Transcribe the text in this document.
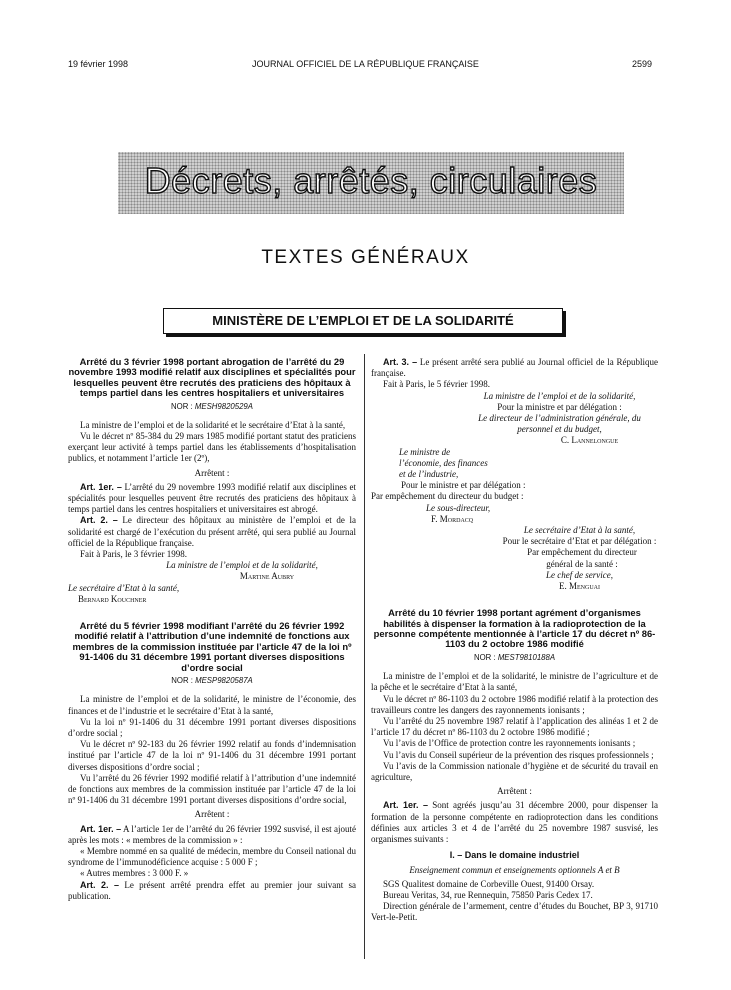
19 février 1998	JOURNAL OFFICIEL DE LA RÉPUBLIQUE FRANÇAISE	2599
Décrets, arrêtés, circulaires
TEXTES GÉNÉRAUX
MINISTÈRE DE L’EMPLOI ET DE LA SOLIDARITÉ
Arrêté du 3 février 1998 portant abrogation de l’arrêté du 29 novembre 1993 modifié relatif aux disciplines et spécialités pour lesquelles peuvent être recrutés des praticiens des hôpitaux à temps partiel dans les centres hospitaliers et universitaires
NOR : MESH9820529A

La ministre de l’emploi et de la solidarité et le secrétaire d’Etat à la santé,

Vu le décret nº 85-384 du 29 mars 1985 modifié portant statut des praticiens exerçant leur activité à temps partiel dans les établissements d’hospitalisation publics, et notamment l’article 1er (2º),

Arrêtent :

Art. 1er. – L’arrêté du 29 novembre 1993 modifié relatif aux disciplines et spécialités pour lesquelles peuvent être recrutés des praticiens des hôpitaux à temps partiel dans les centres hospitaliers et universitaires est abrogé.

Art. 2. – Le directeur des hôpitaux au ministère de l’emploi et de la solidarité est chargé de l’exécution du présent arrêté, qui sera publié au Journal officiel de la République française.

Fait à Paris, le 3 février 1998.

La ministre de l’emploi et de la solidarité,

Martine Aubry

Le secrétaire d’Etat à la santé,

Bernard Kouchner

Arrêté du 5 février 1998 modifiant l’arrêté du 26 février 1992 modifié relatif à l’attribution d’une indemnité de fonctions aux membres de la commission instituée par l’article 47 de la loi nº 91-1406 du 31 décembre 1991 portant diverses dispositions d’ordre social
NOR : MESP9820587A

La ministre de l’emploi et de la solidarité, le ministre de l’économie, des finances et de l’industrie et le secrétaire d’Etat à la santé,

Vu la loi nº 91-1406 du 31 décembre 1991 portant diverses dispositions d’ordre social ;

Vu le décret nº 92-183 du 26 février 1992 relatif au fonds d’indemnisation institué par l’article 47 de la loi nº 91-1406 du 31 décembre 1991 portant diverses dispositions d’ordre social ;

Vu l’arrêté du 26 février 1992 modifié relatif à l’attribution d’une indemnité de fonctions aux membres de la commission instituée par l’article 47 de la loi nº 91-1406 du 31 décembre 1991 portant diverses dispositions d’ordre social,

Arrêtent :

Art. 1er. – A l’article 1er de l’arrêté du 26 février 1992 susvisé, il est ajouté après les mots : « membres de la commission » :

« Membre nommé en sa qualité de médecin, membre du Conseil national du syndrome de l’immunodéficience acquise : 5 000 F ;

« Autres membres : 3 000 F. »

Art. 2. – Le présent arrêté prendra effet au premier jour suivant sa publication.

Art. 3. – Le présent arrêté sera publié au Journal officiel de la République française.

Fait à Paris, le 5 février 1998.

La ministre de l’emploi et de la solidarité,

Pour la ministre et par délégation :

Le directeur de l’administration générale, du personnel et du budget,

C. Lannelongue

Le ministre de l’économie, des finances et de l’industrie,

Pour le ministre et par délégation :

Par empêchement du directeur du budget :

Le sous-directeur,

F. Mordacq

Le secrétaire d’Etat à la santé,

Pour le secrétaire d’Etat et par délégation :

Par empêchement du directeur général de la santé :

Le chef de service,

E. Menguai

Arrêté du 10 février 1998 portant agrément d’organismes habilités à dispenser la formation à la radioprotection de la personne compétente mentionnée à l’article 17 du décret nº 86-1103 du 2 octobre 1986 modifié
NOR : MEST9810188A

La ministre de l’emploi et de la solidarité, le ministre de l’agriculture et de la pêche et le secrétaire d’Etat à la santé,

Vu le décret nº 86-1103 du 2 octobre 1986 modifié relatif à la protection des travailleurs contre les dangers des rayonnements ionisants ;

Vu l’arrêté du 25 novembre 1987 relatif à l’application des alinéas 1 et 2 de l’article 17 du décret nº 86-1103 du 2 octobre 1986 modifié ;

Vu l’avis de l’Office de protection contre les rayonnements ionisants ;

Vu l’avis du Conseil supérieur de la prévention des risques professionnels ;

Vu l’avis de la Commission nationale d’hygiène et de sécurité du travail en agriculture,

Arrêtent :

Art. 1er. – Sont agréés jusqu’au 31 décembre 2000, pour dispenser la formation de la personne compétente en radioprotection dans les conditions définies aux articles 3 et 4 de l’arrêté du 25 novembre 1987 susvisé, les organismes suivants :

I. – Dans le domaine industriel

Enseignement commun et enseignements optionnels A et B

SGS Qualitest domaine de Corbeville Ouest, 91400 Orsay.

Bureau Veritas, 34, rue Rennequin, 75850 Paris Cedex 17.

Direction générale de l’armement, centre d’études du Bouchet, BP 3, 91710 Vert-le-Petit.
